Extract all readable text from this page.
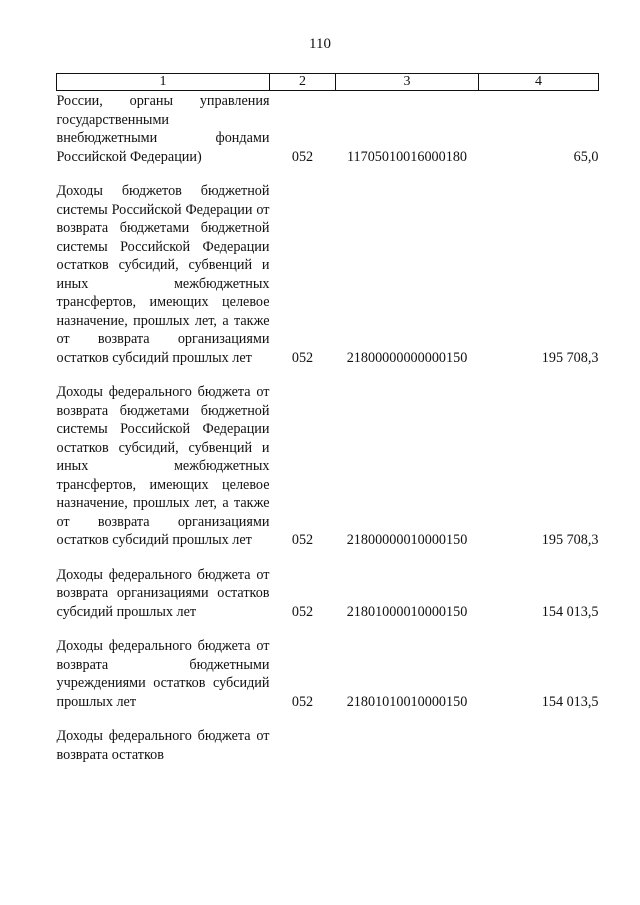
110
1	2	3	4
России, органы управления государственными внебюджетными фондами Российской Федерации)	052	11705010016000180	65,0

Доходы бюджетов бюджетной системы Российской Федерации от возврата бюджетами бюджетной системы Российской Федерации остатков субсидий, субвенций и иных межбюджетных трансфертов, имеющих целевое назначение, прошлых лет, а также от возврата организациями остатков субсидий прошлых лет	052	21800000000000150	195 708,3

Доходы федерального бюджета от возврата бюджетами бюджетной системы Российской Федерации остатков субсидий, субвенций и иных межбюджетных трансфертов, имеющих целевое назначение, прошлых лет, а также от возврата организациями остатков субсидий прошлых лет	052	21800000010000150	195 708,3

Доходы федерального бюджета от возврата организациями остатков субсидий прошлых лет	052	21801000010000150	154 013,5

Доходы федерального бюджета от возврата бюджетными учреждениями остатков субсидий прошлых лет	052	21801010010000150	154 013,5

Доходы федерального бюджета от возврата остатков			
